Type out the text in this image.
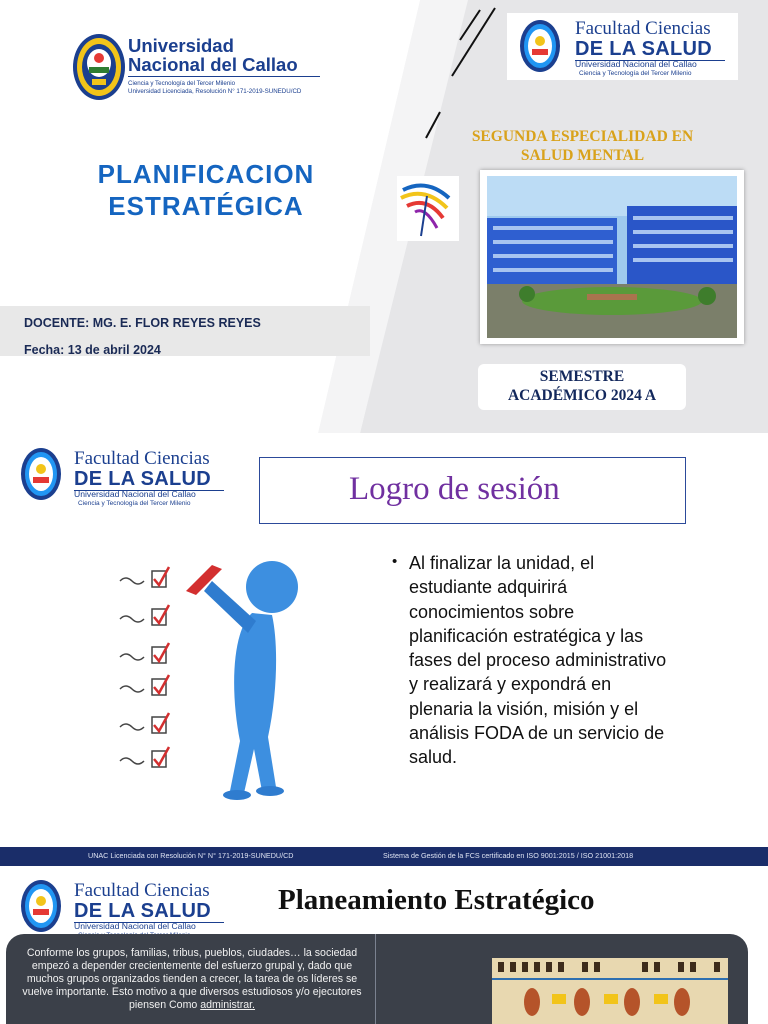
Universidad
Nacional del Callao
Ciencia y Tecnología del Tercer Milenio
Universidad Licenciada, Resolución N° 171-2019-SUNEDU/CD
Facultad Ciencias
DE LA SALUD
Universidad Nacional del Callao
Ciencia y Tecnología del Tercer Milenio
PLANIFICACION
ESTRATÉGICA
DOCENTE: MG. E. FLOR REYES REYES
Fecha: 13 de abril 2024
SEGUNDA ESPECIALIDAD EN
SALUD MENTAL
SEMESTRE
ACADÉMICO 2024 A
Facultad Ciencias
DE LA SALUD
Universidad Nacional del Callao
Ciencia y Tecnología del Tercer Milenio	Logro de sesión
• Al finalizar la unidad, el
estudiante adquirirá
conocimientos sobre
planificación estratégica y las
fases del proceso administrativo
y realizará y expondrá en
plenaria la visión, misión y el
análisis FODA de un servicio de
salud.
UNAC Licenciada con Resolución N° N° 171-2019-SUNEDU/CD	Sistema de Gestión de la FCS certificado en ISO 9001:2015 / ISO 21001:2018
Facultad Ciencias
DE LA SALUD
Universidad Nacional del Callao
Planeamiento Estratégico
Conforme los grupos, familias, tribus, pueblos, ciudades… la sociedad empezó a depender crecientemente del esfuerzo grupal y, dado que muchos grupos organizados tienden a crecer, la tarea de os líderes se vuelve importante. Esto motivo a que diversos estudiosos y/o ejecutores piensen Como administrar.
